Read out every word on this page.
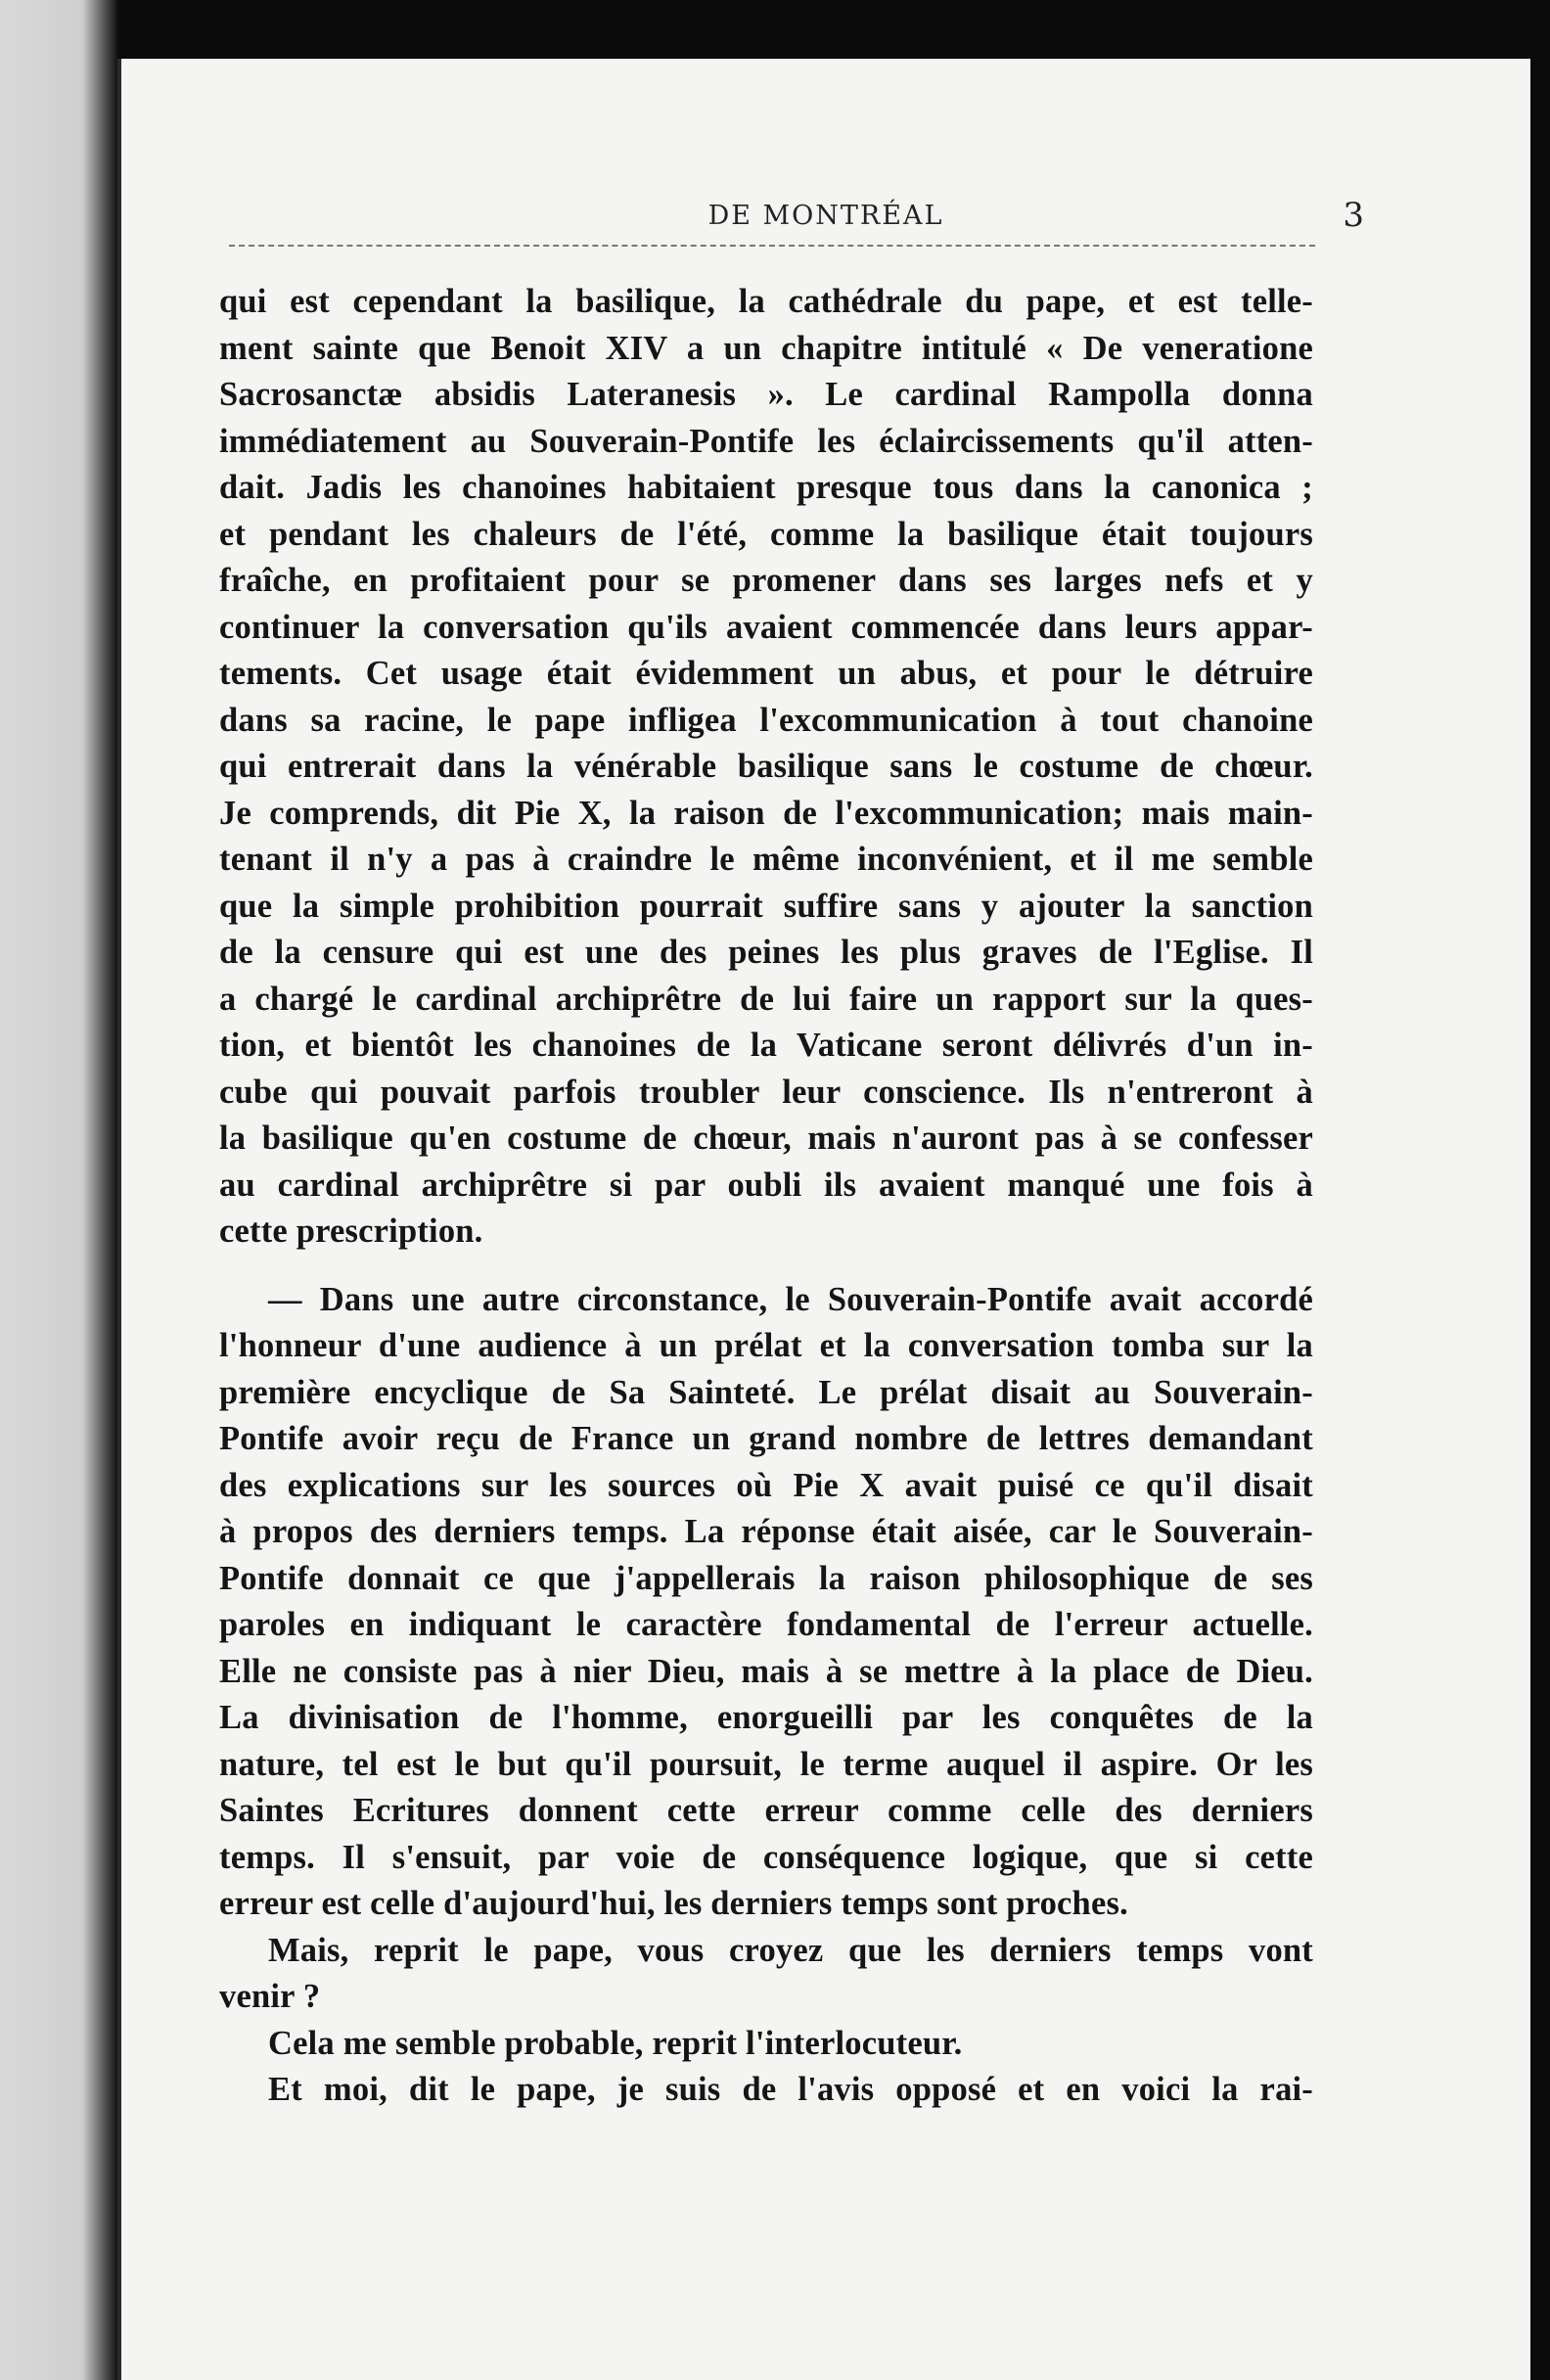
DE MONTRÉAL	3
qui est cependant la basilique, la cathédrale du pape, et est telle-
ment sainte que Benoit XIV a un chapitre intitulé « De veneratione
Sacrosanctæ absidis Lateranesis ». Le cardinal Rampolla donna
immédiatement au Souverain-Pontife les éclaircissements qu'il atten-
dait. Jadis les chanoines habitaient presque tous dans la canonica ;
et pendant les chaleurs de l'été, comme la basilique était toujours
fraîche, en profitaient pour se promener dans ses larges nefs et y
continuer la conversation qu'ils avaient commencée dans leurs appar-
tements. Cet usage était évidemment un abus, et pour le détruire
dans sa racine, le pape infligea l'excommunication à tout chanoine
qui entrerait dans la vénérable basilique sans le costume de chœur.
Je comprends, dit Pie X, la raison de l'excommunication; mais main-
tenant il n'y a pas à craindre le même inconvénient, et il me semble
que la simple prohibition pourrait suffire sans y ajouter la sanction
de la censure qui est une des peines les plus graves de l'Eglise. Il
a chargé le cardinal archiprêtre de lui faire un rapport sur la ques-
tion, et bientôt les chanoines de la Vaticane seront délivrés d'un in-
cube qui pouvait parfois troubler leur conscience. Ils n'entreront à
la basilique qu'en costume de chœur, mais n'auront pas à se confesser
au cardinal archiprêtre si par oubli ils avaient manqué une fois à
cette prescription.
— Dans une autre circonstance, le Souverain-Pontife avait accordé
l'honneur d'une audience à un prélat et la conversation tomba sur la
première encyclique de Sa Sainteté. Le prélat disait au Souverain-
Pontife avoir reçu de France un grand nombre de lettres demandant
des explications sur les sources où Pie X avait puisé ce qu'il disait
à propos des derniers temps. La réponse était aisée, car le Souverain-
Pontife donnait ce que j'appellerais la raison philosophique de ses
paroles en indiquant le caractère fondamental de l'erreur actuelle.
Elle ne consiste pas à nier Dieu, mais à se mettre à la place de Dieu.
La divinisation de l'homme, enorgueilli par les conquêtes de la
nature, tel est le but qu'il poursuit, le terme auquel il aspire. Or les
Saintes Ecritures donnent cette erreur comme celle des derniers
temps. Il s'ensuit, par voie de conséquence logique, que si cette
erreur est celle d'aujourd'hui, les derniers temps sont proches.
Mais, reprit le pape, vous croyez que les derniers temps vont
venir ?
Cela me semble probable, reprit l'interlocuteur.
Et moi, dit le pape, je suis de l'avis opposé et en voici la rai-
